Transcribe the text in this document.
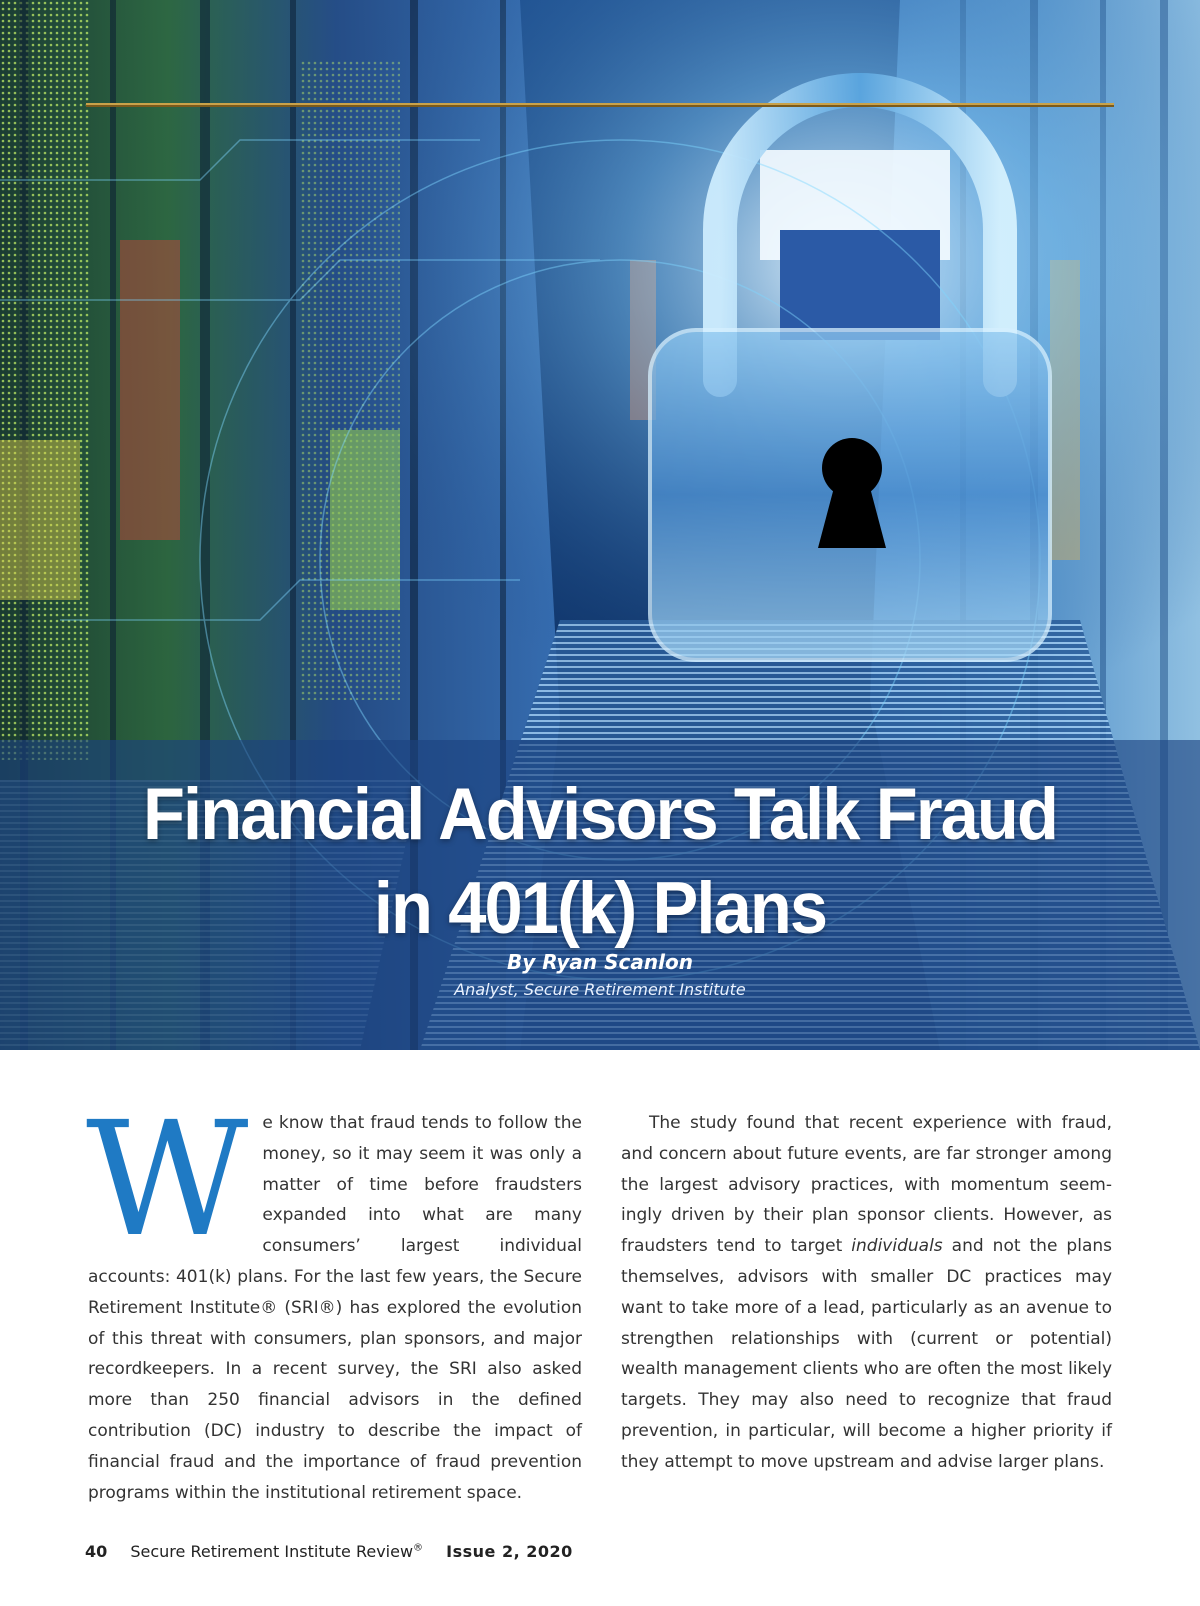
Financial Advisors Talk Fraud
in 401(k) Plans
By Ryan Scanlon
Analyst, Secure Retirement Institute

We know that fraud tends to follow the money, so it may seem it was only a matter of time before fraudsters expanded into what are many consumers’ largest individual accounts: 401(k) plans. For the last few years, the Secure Retirement Institute® (SRI®) has explored the evolution of this threat with consumers, plan sponsors, and major recordkeepers. In a recent survey, the SRI also asked more than 250 financial advisors in the defined contribution (DC) industry to describe the impact of financial fraud and the importance of fraud prevention programs within the institutional retirement space.

The study found that recent experience with fraud, and concern about future events, are far stronger among the largest advisory practices, with momentum seemingly driven by their plan sponsor clients. However, as fraudsters tend to target individuals and not the plans themselves, advisors with smaller DC practices may want to take more of a lead, particularly as an avenue to strengthen relationships with (current or potential) wealth management clients who are often the most likely targets. They may also need to recognize that fraud prevention, in particular, will become a higher priority if they attempt to move upstream and advise larger plans.

40 Secure Retirement Institute Review® Issue 2, 2020
